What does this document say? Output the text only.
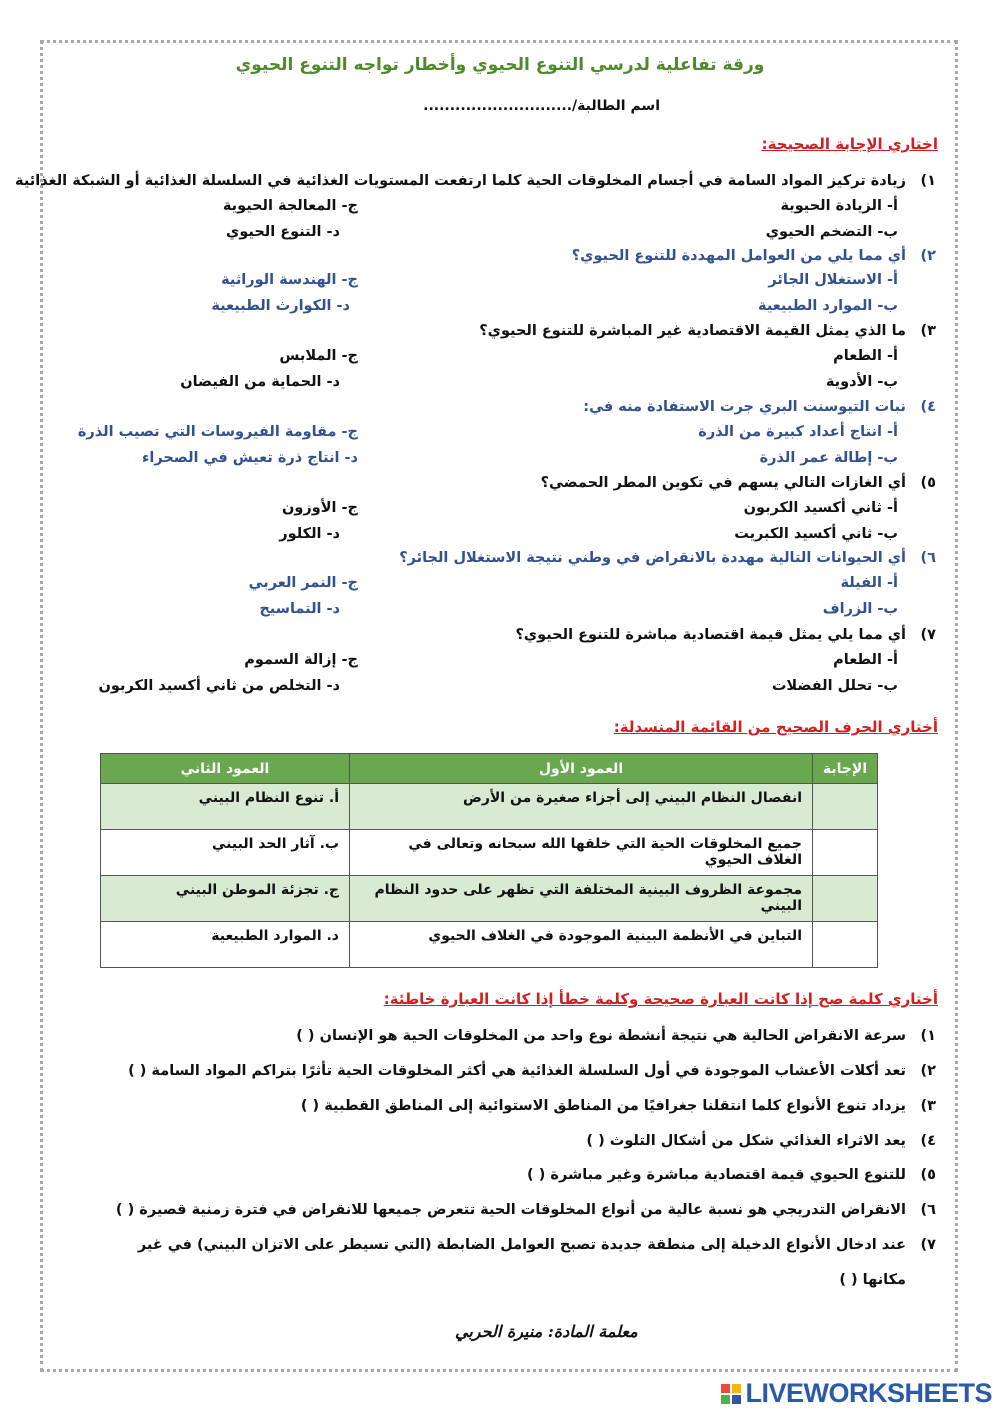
ورقة تفاعلية لدرسي التنوع الحيوي وأخطار تواجه التنوع الحيوي
اسم الطالبة/............................
اختاري الإجابة الصحيحة:
١)زيادة تركيز المواد السامة في أجسام المخلوقات الحية كلما ارتفعت المستويات الغذائية في السلسلة الغذائية أو الشبكة الغذائية
أ- الزيادة الحيوية
ج- المعالجة الحيوية
ب- التضخم الحيوي
د- التنوع الحيوي
٢)أي مما يلي من العوامل المهددة للتنوع الحيوي؟
أ- الاستغلال الجائر
ج- الهندسة الوراثية
ب- الموارد الطبيعية
د- الكوارث الطبيعية
٣)ما الذي يمثل القيمة الاقتصادية غير المباشرة للتنوع الحيوي؟
أ- الطعام
ج- الملابس
ب- الأدوية
د- الحماية من الفيضان
٤)نبات التيوسنت البري جرت الاستفادة منه في:
أ- انتاج أعداد كبيرة من الذرة
ج- مقاومة الفيروسات التي تصيب الذرة
ب- إطالة عمر الذرة
د- انتاج ذرة تعيش في الصحراء
٥)أي الغازات التالي يسهم في تكوين المطر الحمضي؟
أ- ثاني أكسيد الكربون
ج- الأوزون
ب- ثاني أكسيد الكبريت
د- الكلور
٦)أي الحيوانات التالية مهددة بالانقراض في وطني نتيجة الاستغلال الجائر؟
أ- الفيلة
ج- النمر العربي
ب- الزراف
د- التماسيح
٧)أي مما يلي يمثل قيمة اقتصادية مباشرة للتنوع الحيوي؟
أ- الطعام
ج- إزالة السموم
ب- تحلل الفضلات
د- التخلص من ثاني أكسيد الكربون
أختاري الحرف الصحيح من القائمة المنسدلة:
الإجابة	العمود الأول	العمود الثاني
	انفصال النظام البيني إلى أجزاء صغيرة من الأرض	أ. تنوع النظام البيني
	جميع المخلوقات الحية التي خلقها الله سبحانه وتعالى في الغلاف الحيوي	ب. آثار الحد البيني
	مجموعة الظروف البينية المختلفة التي تظهر على حدود النظام البيني	ج. تجزئة الموطن البيني
	التباين في الأنظمة البينية الموجودة في الغلاف الحيوي	د. الموارد الطبيعية
أختاري كلمة صح إذا كانت العبارة صحيحة وكلمة خطأ إذا كانت العبارة خاطئة:
١)سرعة الانقراض الحالية هي نتيجة أنشطة نوع واحد من المخلوقات الحية هو الإنسان ( )
٢)تعد أكلات الأعشاب الموجودة في أول السلسلة الغذائية هي أكثر المخلوقات الحية تأثرًا بتراكم المواد السامة ( )
٣)يزداد تنوع الأنواع كلما انتقلنا جغرافيًا من المناطق الاستوائية إلى المناطق القطبية ( )
٤)يعد الاثراء الغذائي شكل من أشكال التلوث ( )
٥)للتنوع الحيوي قيمة اقتصادية مباشرة وغير مباشرة ( )
٦)الانقراض التدريجي هو نسبة عالية من أنواع المخلوقات الحية تتعرض جميعها للانقراض في فترة زمنية قصيرة ( )
٧)عند ادخال الأنواع الدخيلة إلى منطقة جديدة تصبح العوامل الضابطة (التي تسيطر على الاتزان البيني) في غير
مكانها ( )
معلمة المادة: منيرة الحربي
LIVEWORKSHEETS
